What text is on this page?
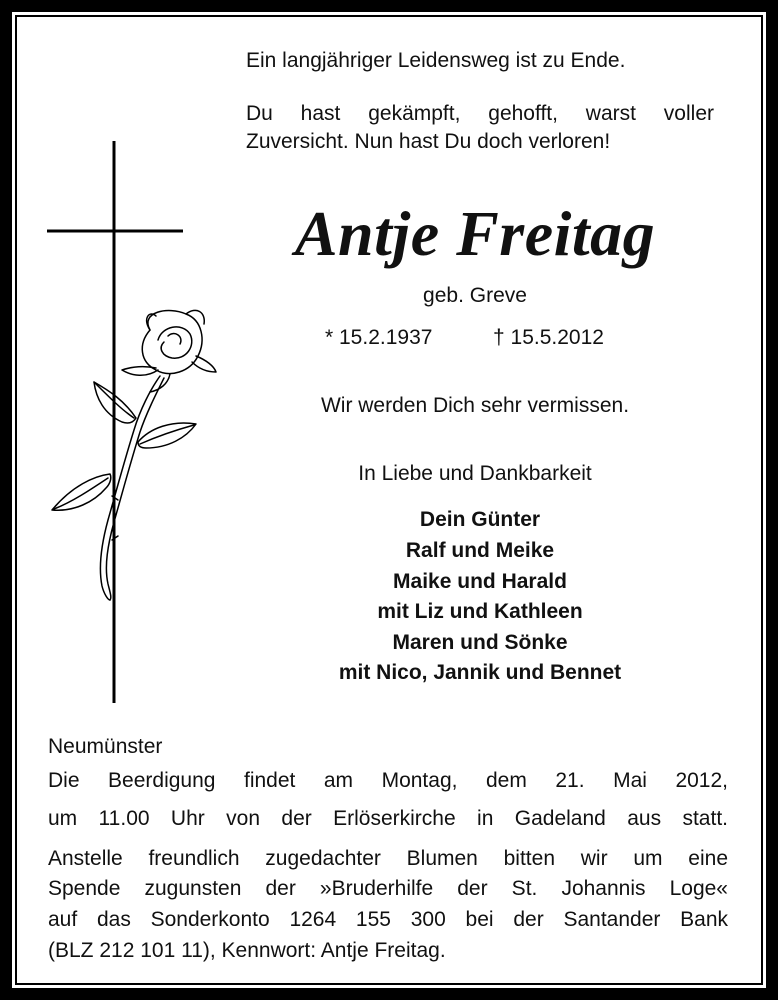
Ein langjähriger Leidensweg ist zu Ende.
Du hast gekämpft, gehofft, warst voller
Zuversicht. Nun hast Du doch verloren!
Antje Freitag
geb. Greve
* 15.2.1937	† 15.5.2012
Wir werden Dich sehr vermissen.
In Liebe und Dankbarkeit
Dein Günter
Ralf und Meike
Maike und Harald
mit Liz und Kathleen
Maren und Sönke
mit Nico, Jannik und Bennet
Neumünster
Die Beerdigung findet am Montag, dem 21. Mai 2012,
um 11.00 Uhr von der Erlöserkirche in Gadeland aus statt.
Anstelle freundlich zugedachter Blumen bitten wir um eine
Spende zugunsten der »Bruderhilfe der St. Johannis Loge«
auf das Sonderkonto 1264 155 300 bei der Santander Bank
(BLZ 212 101 11), Kennwort: Antje Freitag.
